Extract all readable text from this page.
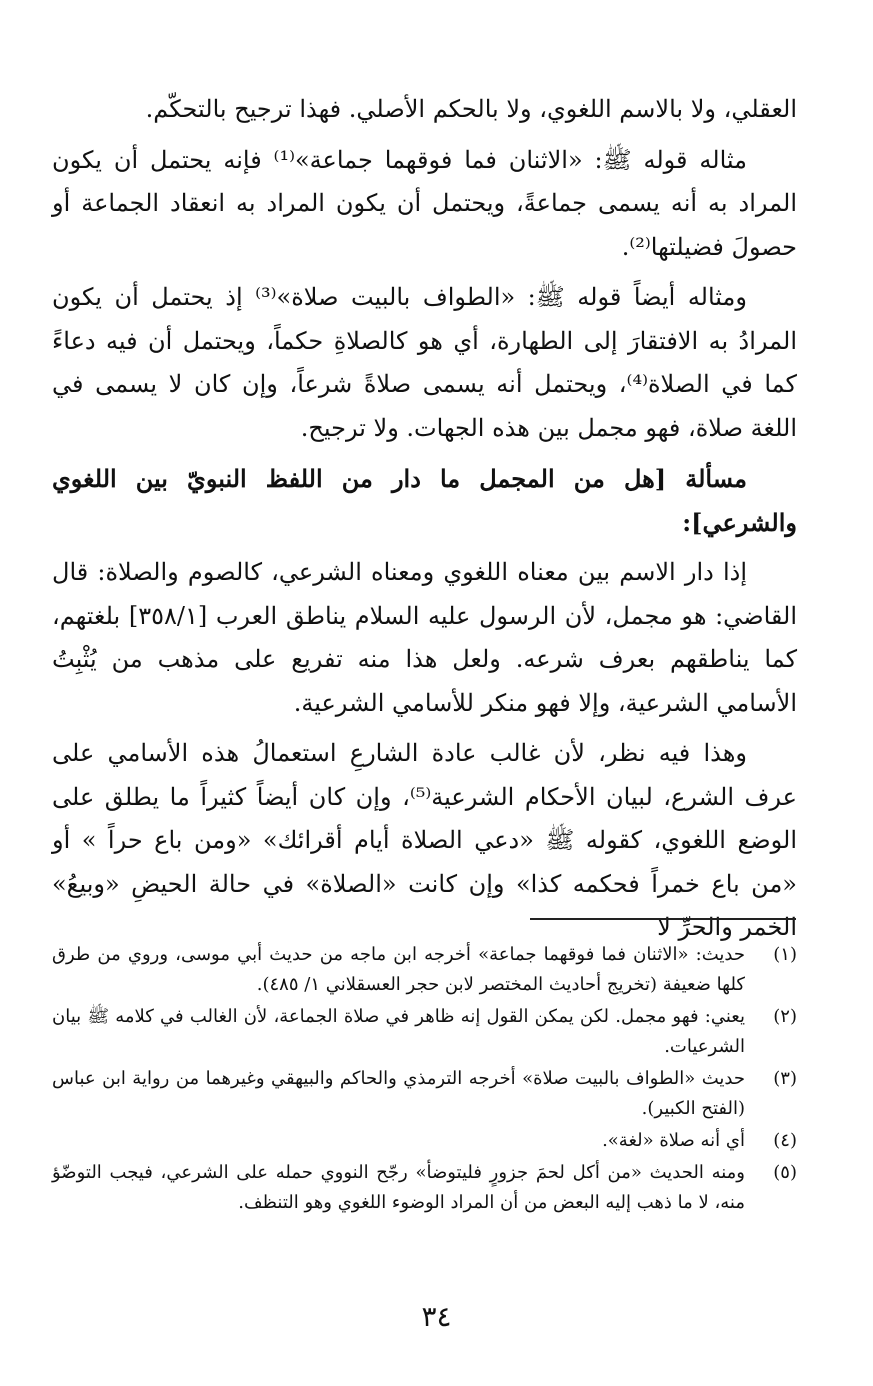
العقلي، ولا بالاسم اللغوي، ولا بالحكم الأصلي. فهذا ترجيح بالتحكّم.

مثاله قوله ﷺ: «الاثنان فما فوقهما جماعة»⁽¹⁾ فإنه يحتمل أن يكون المراد به أنه يسمى جماعةً، ويحتمل أن يكون المراد به انعقاد الجماعة أو حصولَ فضيلتها⁽²⁾.

ومثاله أيضاً قوله ﷺ: «الطواف بالبيت صلاة»⁽³⁾ إذ يحتمل أن يكون المرادُ به الافتقارَ إلى الطهارة، أي هو كالصلاةِ حكماً، ويحتمل أن فيه دعاءً كما في الصلاة⁽⁴⁾، ويحتمل أنه يسمى صلاةً شرعاً، وإن كان لا يسمى في اللغة صلاة، فهو مجمل بين هذه الجهات. ولا ترجيح.

مسألة [هل من المجمل ما دار من اللفظ النبويّ بين اللغوي والشرعي]:

إذا دار الاسم بين معناه اللغوي ومعناه الشرعي، كالصوم والصلاة: قال القاضي: هو مجمل، لأن الرسول عليه السلام يناطق العرب [٣٥٨/١] بلغتهم، كما يناطقهم بعرف شرعه. ولعل هذا منه تفريع على مذهب من يُثْبِتُ الأسامي الشرعية، وإلا فهو منكر للأسامي الشرعية.

وهذا فيه نظر، لأن غالب عادة الشارعِ استعمالُ هذه الأسامي على عرف الشرع، لبيان الأحكام الشرعية⁽⁵⁾، وإن كان أيضاً كثيراً ما يطلق على الوضع اللغوي، كقوله ﷺ «دعي الصلاة أيام أقرائك» «ومن باع حراً » أو «من باع خمراً فحكمه كذا» وإن كانت «الصلاة» في حالة الحيضِ «وبيعُ» الخمر والحرِّ لا

(١)
حديث: «الاثنان فما فوقهما جماعة» أخرجه ابن ماجه من حديث أبي موسى، وروي من طرق كلها ضعيفة (تخريج أحاديث المختصر لابن حجر العسقلاني ١/ ٤٨٥).
(٢)
يعني: فهو مجمل. لكن يمكن القول إنه ظاهر في صلاة الجماعة، لأن الغالب في كلامه ﷺ بيان الشرعيات.
(٣)
حديث «الطواف بالبيت صلاة» أخرجه الترمذي والحاكم والبيهقي وغيرهما من رواية ابن عباس (الفتح الكبير).
(٤)
أي أنه صلاة «لغة».
(٥)
ومنه الحديث «من أكل لحمَ جزورٍ فليتوضأ» رجّح النووي حمله على الشرعي، فيجب التوضّؤ منه، لا ما ذهب إليه البعض من أن المراد الوضوء اللغوي وهو التنظف.
٣٤
